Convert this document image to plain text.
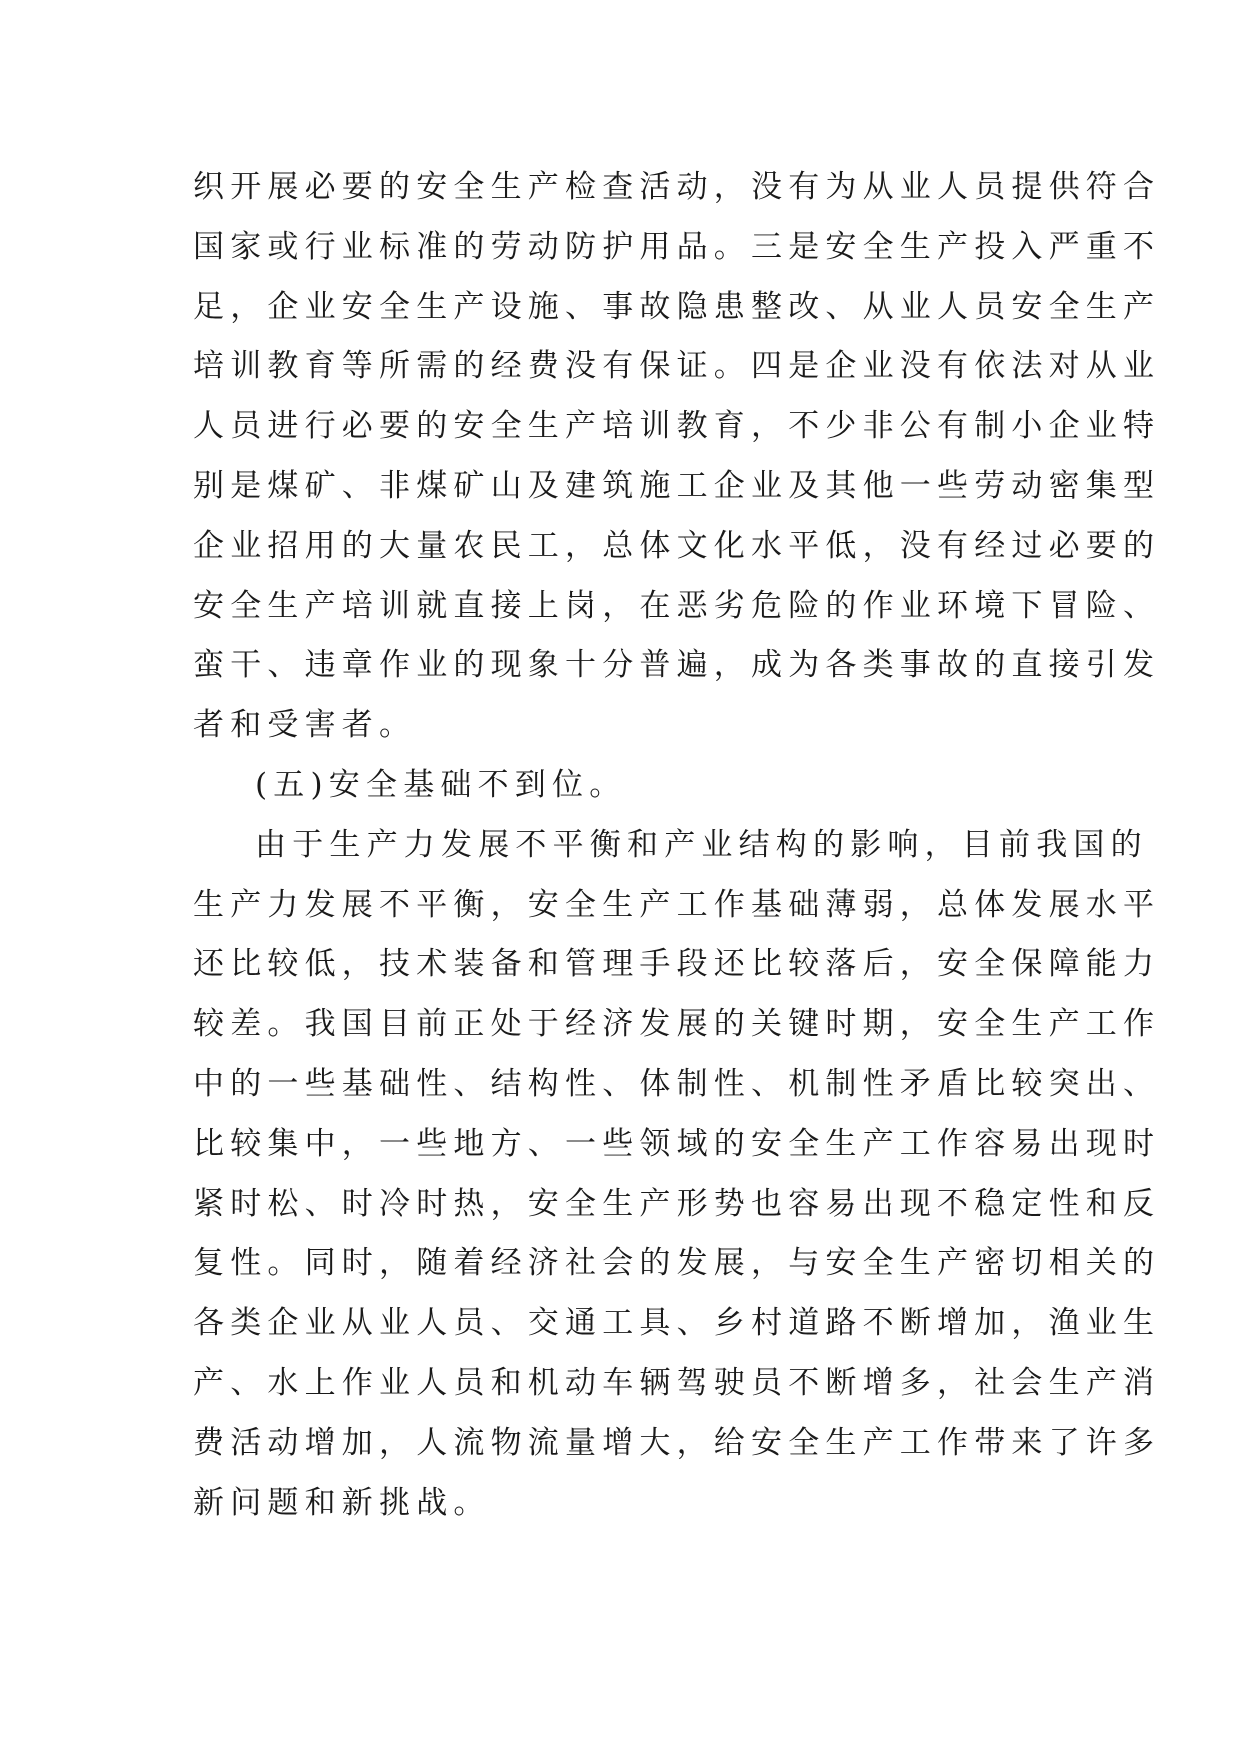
织开展必要的安全生产检查活动，没有为从业人员提供符合
国家或行业标准的劳动防护用品。三是安全生产投入严重不
足，企业安全生产设施、事故隐患整改、从业人员安全生产
培训教育等所需的经费没有保证。四是企业没有依法对从业
人员进行必要的安全生产培训教育，不少非公有制小企业特
别是煤矿、非煤矿山及建筑施工企业及其他一些劳动密集型
企业招用的大量农民工，总体文化水平低，没有经过必要的
安全生产培训就直接上岗，在恶劣危险的作业环境下冒险、
蛮干、违章作业的现象十分普遍，成为各类事故的直接引发
者和受害者。
(五)安全基础不到位。
由于生产力发展不平衡和产业结构的影响，目前我国的
生产力发展不平衡，安全生产工作基础薄弱，总体发展水平
还比较低，技术装备和管理手段还比较落后，安全保障能力
较差。我国目前正处于经济发展的关键时期，安全生产工作
中的一些基础性、结构性、体制性、机制性矛盾比较突出、
比较集中，一些地方、一些领域的安全生产工作容易出现时
紧时松、时冷时热，安全生产形势也容易出现不稳定性和反
复性。同时，随着经济社会的发展，与安全生产密切相关的
各类企业从业人员、交通工具、乡村道路不断增加，渔业生
产、水上作业人员和机动车辆驾驶员不断增多，社会生产消
费活动增加，人流物流量增大，给安全生产工作带来了许多
新问题和新挑战。
